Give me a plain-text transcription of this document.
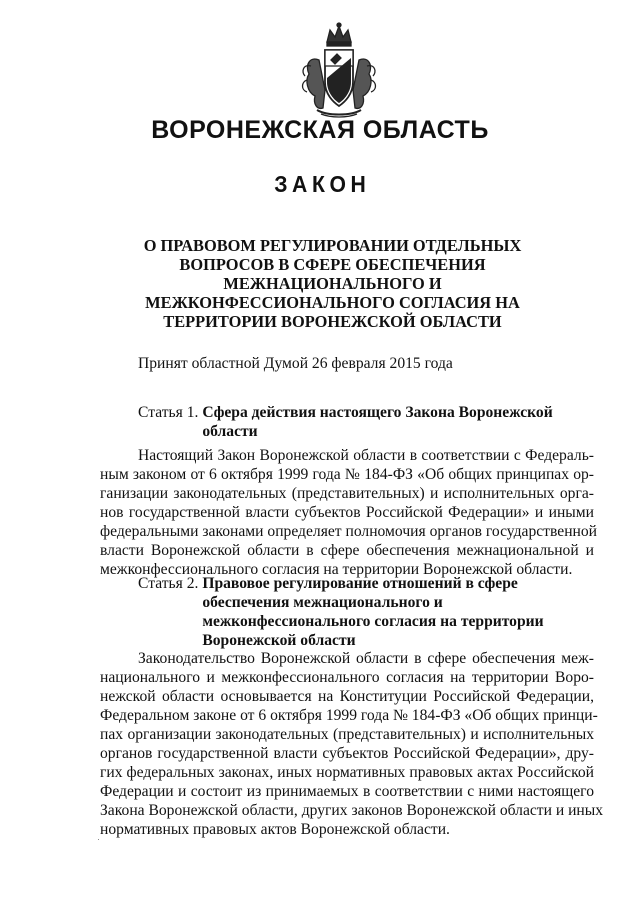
ВОРОНЕЖСКАЯ ОБЛАСТЬ
ЗАКОН
О ПРАВОВОМ РЕГУЛИРОВАНИИ ОТДЕЛЬНЫХ
ВОПРОСОВ В СФЕРЕ ОБЕСПЕЧЕНИЯ
МЕЖНАЦИОНАЛЬНОГО И
МЕЖКОНФЕССИОНАЛЬНОГО СОГЛАСИЯ НА
ТЕРРИТОРИИ ВОРОНЕЖСКОЙ ОБЛАСТИ
Принят областной Думой 26 февраля 2015 года
Статья 1. Сфера действия настоящего Закона Воронежской
области
Настоящий Закон Воронежской области в соответствии с Федераль-
ным законом от 6 октября 1999 года № 184-ФЗ «Об общих принципах ор-
ганизации законодательных (представительных) и исполнительных орга-
нов государственной власти субъектов Российской Федерации» и иными
федеральными законами определяет полномочия органов государственной
власти Воронежской области в сфере обеспечения межнациональной и
межконфессионального согласия на территории Воронежской области.
Статья 2. Правовое регулирование отношений в сфере
обеспечения межнационального и
межконфессионального согласия на территории
Воронежской области
Законодательство Воронежской области в сфере обеспечения меж-
национального и межконфессионального согласия на территории Воро-
нежской области основывается на Конституции Российской Федерации,
Федеральном законе от 6 октября 1999 года № 184-ФЗ «Об общих принци-
пах организации законодательных (представительных) и исполнительных
органов государственной власти субъектов Российской Федерации», дру-
гих федеральных законах, иных нормативных правовых актах Российской
Федерации и состоит из принимаемых в соответствии с ними настоящего
Закона Воронежской области, других законов Воронежской области и иных
нормативных правовых актов Воронежской области.
